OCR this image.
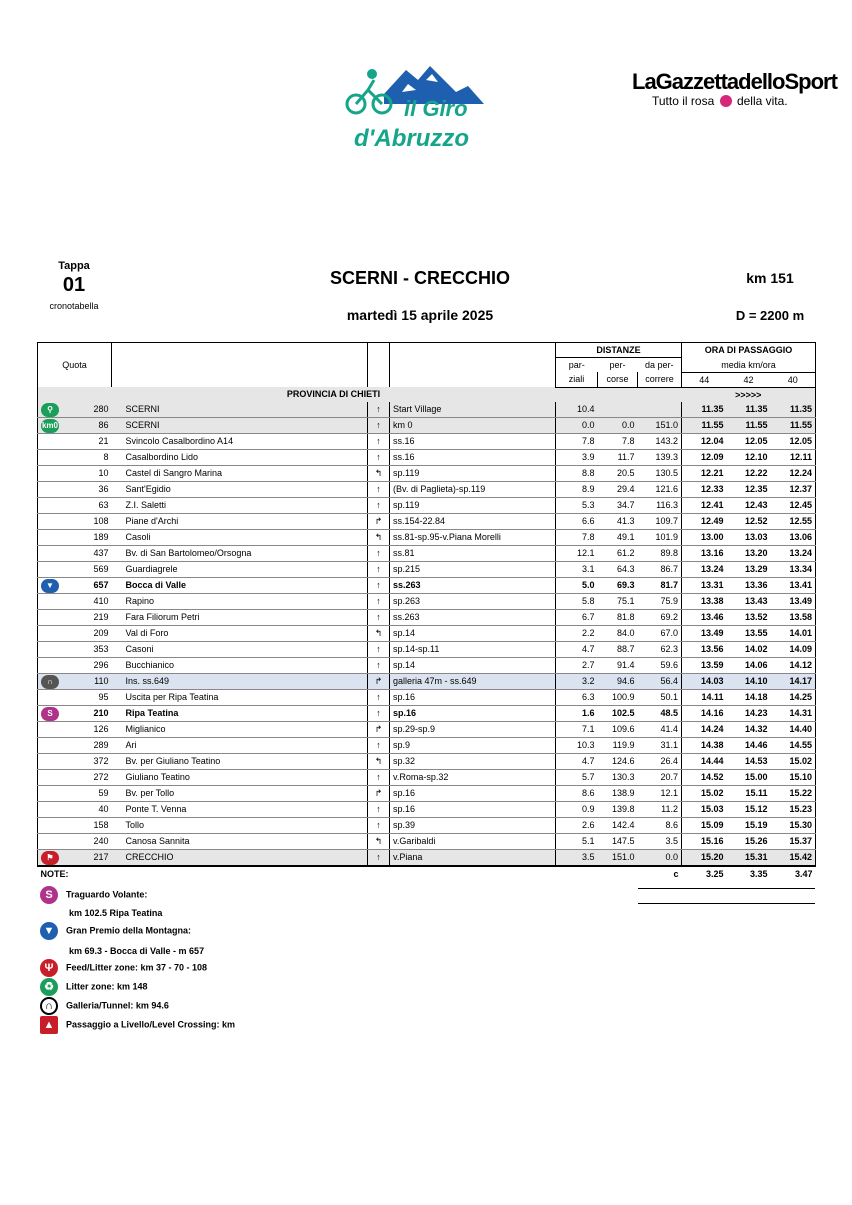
il Giro
d'Abruzzo
LaGazzettadelloSport
Tutto il rosa della vita.
Tappa
01
cronotabella
SCERNI - CRECCHIO	km 151
martedì 15 aprile 2025	D = 2200 m
Quota				DISTANZE			ORA DI PASSAGGIO		
				par-	per-	da per-	media km/ora		
				ziali	corse	correre	44	42	40
	PROVINCIA DI CHIETI						>>>>>		

⚲ 280	SCERNI	↑	Start Village	10.4			11.35	11.35	11.35

km0 86	SCERNI	↑	km 0	0.0	0.0	151.0	11.55	11.55	11.55
21	Svincolo Casalbordino A14	↑	ss.16	7.8	7.8	143.2	12.04	12.05	12.05
8	Casalbordino Lido	↑	ss.16	3.9	11.7	139.3	12.09	12.10	12.11
10	Castel di Sangro Marina	↰	sp.119	8.8	20.5	130.5	12.21	12.22	12.24
36	Sant'Egidio	↑	(Bv. di Paglieta)-sp.119	8.9	29.4	121.6	12.33	12.35	12.37
63	Z.I. Saletti	↑	sp.119	5.3	34.7	116.3	12.41	12.43	12.45
108	Piane d'Archi	↱	ss.154-22.84	6.6	41.3	109.7	12.49	12.52	12.55
189	Casoli	↰	ss.81-sp.95-v.Piana Morelli	7.8	49.1	101.9	13.00	13.03	13.06
437	Bv. di San Bartolomeo/Orsogna	↑	ss.81	12.1	61.2	89.8	13.16	13.20	13.24
569	Guardiagrele	↑	sp.215	3.1	64.3	86.7	13.24	13.29	13.34

▼ 657	Bocca di Valle	↑	ss.263	5.0	69.3	81.7	13.31	13.36	13.41
410	Rapino	↑	sp.263	5.8	75.1	75.9	13.38	13.43	13.49
219	Fara Filiorum Petri	↑	ss.263	6.7	81.8	69.2	13.46	13.52	13.58
209	Val di Foro	↰	sp.14	2.2	84.0	67.0	13.49	13.55	14.01
353	Casoni	↑	sp.14-sp.11	4.7	88.7	62.3	13.56	14.02	14.09
296	Bucchianico	↑	sp.14	2.7	91.4	59.6	13.59	14.06	14.12

∩ 110	Ins. ss.649	↱	galleria 47m - ss.649	3.2	94.6	56.4	14.03	14.10	14.17
95	Uscita per Ripa Teatina	↑	sp.16	6.3	100.9	50.1	14.11	14.18	14.25

S 210	Ripa Teatina	↑	sp.16	1.6	102.5	48.5	14.16	14.23	14.31
126	Miglianico	↱	sp.29-sp.9	7.1	109.6	41.4	14.24	14.32	14.40
289	Ari	↑	sp.9	10.3	119.9	31.1	14.38	14.46	14.55
372	Bv. per Giuliano Teatino	↰	sp.32	4.7	124.6	26.4	14.44	14.53	15.02
272	Giuliano Teatino	↑	v.Roma-sp.32	5.7	130.3	20.7	14.52	15.00	15.10
59	Bv. per Tollo	↱	sp.16	8.6	138.9	12.1	15.02	15.11	15.22
40	Ponte T. Venna	↑	sp.16	0.9	139.8	11.2	15.03	15.12	15.23
158	Tollo	↑	sp.39	2.6	142.4	8.6	15.09	15.19	15.30
240	Canosa Sannita	↰	v.Garibaldi	5.1	147.5	3.5	15.16	15.26	15.37

⚑ 217	CRECCHIO	↑	v.Piana	3.5	151.0	0.0	15.20	15.31	15.42
NOTE:						c	3.25	3.35	3.47
S Traguardo Volante:
km 102.5 Ripa Teatina
▼ Gran Premio della Montagna:
km 69.3 - Bocca di Valle - m 657
Ψ Feed/Litter zone: km 37 - 70 - 108
♻ Litter zone: km 148
∩ Galleria/Tunnel: km 94.6
▲ Passaggio a Livello/Level Crossing: km
